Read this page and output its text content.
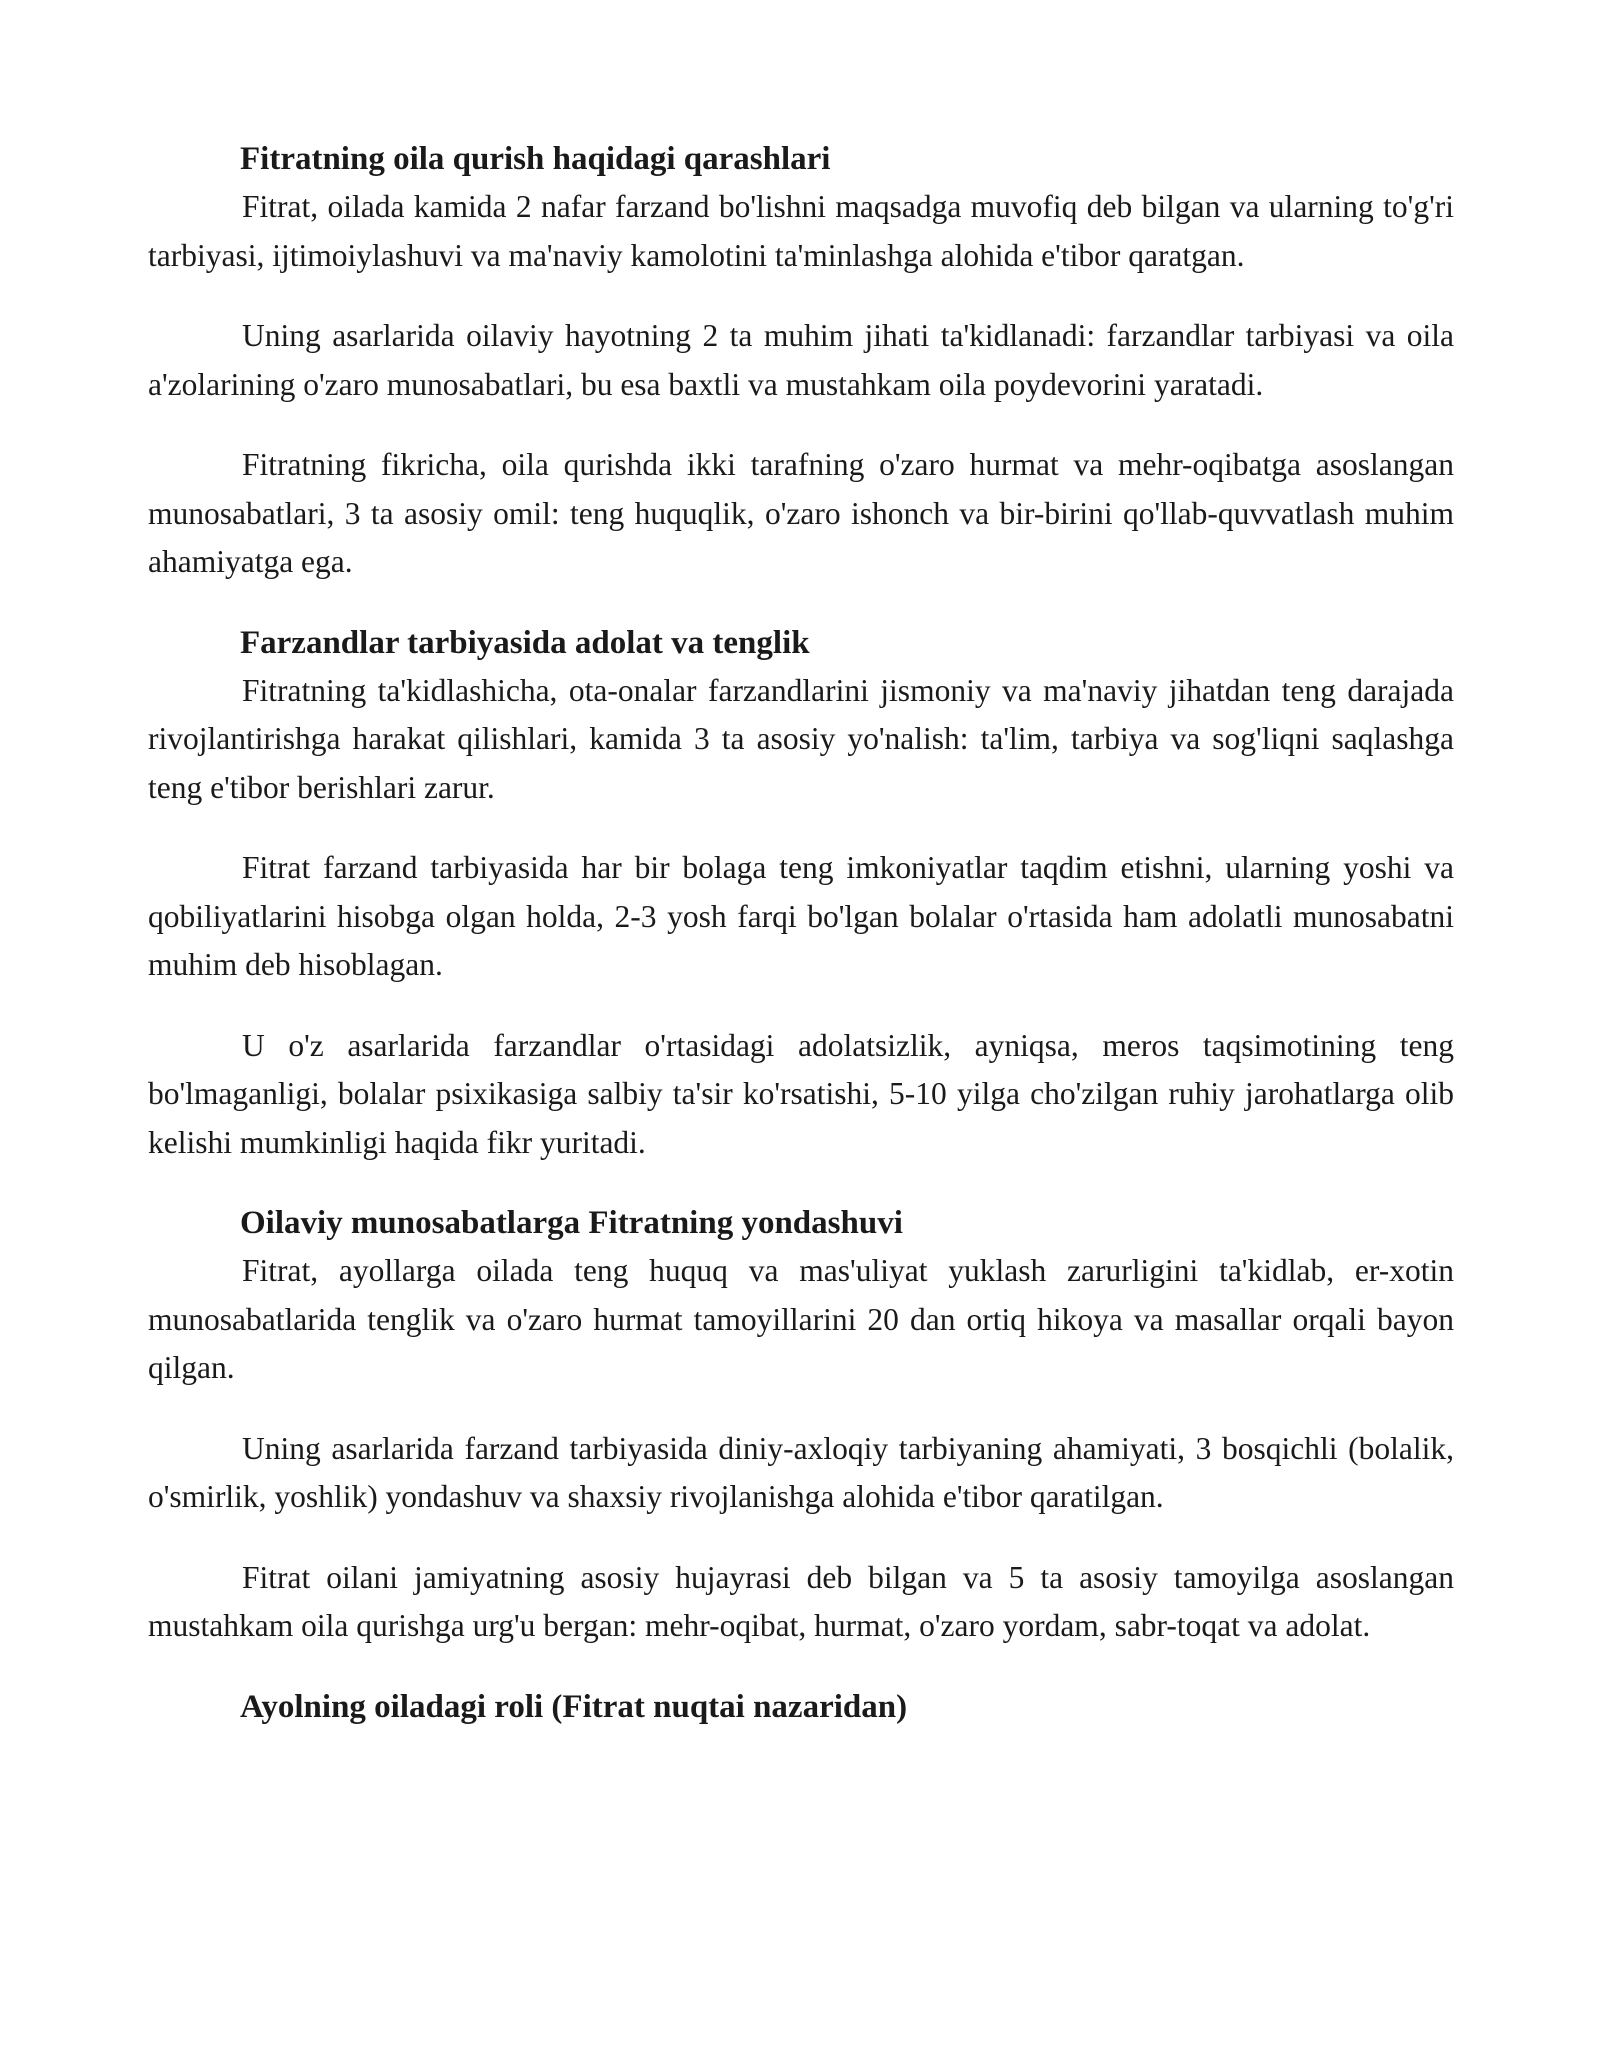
Fitratning oila qurish haqidagi qarashlari

Fitrat, oilada kamida 2 nafar farzand bo'lishni maqsadga muvofiq deb bilgan va ularning to'g'ri tarbiyasi, ijtimoiylashuvi va ma'naviy kamolotini ta'minlashga alohida e'tibor qaratgan.

Uning asarlarida oilaviy hayotning 2 ta muhim jihati ta'kidlanadi: farzandlar tarbiyasi va oila a'zolarining o'zaro munosabatlari, bu esa baxtli va mustahkam oila poydevorini yaratadi.

Fitratning fikricha, oila qurishda ikki tarafning o'zaro hurmat va mehr-oqibatga asoslangan munosabatlari, 3 ta asosiy omil: teng huquqlik, o'zaro ishonch va bir-birini qo'llab-quvvatlash muhim ahamiyatga ega.

Farzandlar tarbiyasida adolat va tenglik

Fitratning ta'kidlashicha, ota-onalar farzandlarini jismoniy va ma'naviy jihatdan teng darajada rivojlantirishga harakat qilishlari, kamida 3 ta asosiy yo'nalish: ta'lim, tarbiya va sog'liqni saqlashga teng e'tibor berishlari zarur.

Fitrat farzand tarbiyasida har bir bolaga teng imkoniyatlar taqdim etishni, ularning yoshi va qobiliyatlarini hisobga olgan holda, 2-3 yosh farqi bo'lgan bolalar o'rtasida ham adolatli munosabatni muhim deb hisoblagan.

U o'z asarlarida farzandlar o'rtasidagi adolatsizlik, ayniqsa, meros taqsimotining teng bo'lmaganligi, bolalar psixikasiga salbiy ta'sir ko'rsatishi, 5-10 yilga cho'zilgan ruhiy jarohatlarga olib kelishi mumkinligi haqida fikr yuritadi.

Oilaviy munosabatlarga Fitratning yondashuvi

Fitrat, ayollarga oilada teng huquq va mas'uliyat yuklash zarurligini ta'kidlab, er-xotin munosabatlarida tenglik va o'zaro hurmat tamoyillarini 20 dan ortiq hikoya va masallar orqali bayon qilgan.

Uning asarlarida farzand tarbiyasida diniy-axloqiy tarbiyaning ahamiyati, 3 bosqichli (bolalik, o'smirlik, yoshlik) yondashuv va shaxsiy rivojlanishga alohida e'tibor qaratilgan.

Fitrat oilani jamiyatning asosiy hujayrasi deb bilgan va 5 ta asosiy tamoyilga asoslangan mustahkam oila qurishga urg'u bergan: mehr-oqibat, hurmat, o'zaro yordam, sabr-toqat va adolat.

Ayolning oiladagi roli (Fitrat nuqtai nazaridan)
